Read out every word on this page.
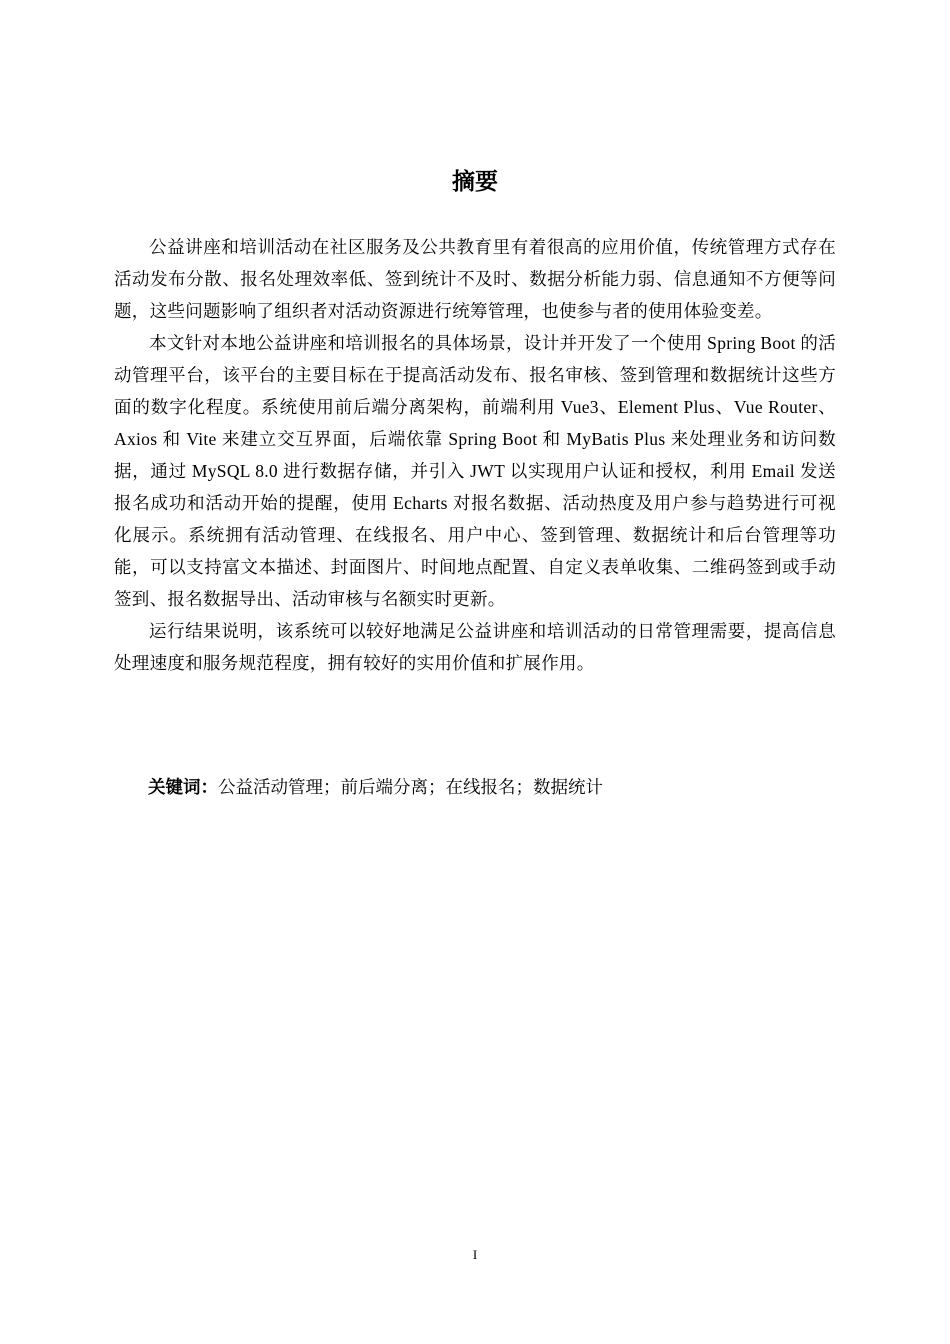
摘要

公益讲座和培训活动在社区服务及公共教育里有着很高的应用价值，传统管理方式存在活动发布分散、报名处理效率低、签到统计不及时、数据分析能力弱、信息通知不方便等问题，这些问题影响了组织者对活动资源进行统筹管理，也使参与者的使用体验变差。

本文针对本地公益讲座和培训报名的具体场景，设计并开发了一个使用 Spring Boot 的活动管理平台，该平台的主要目标在于提高活动发布、报名审核、签到管理和数据统计这些方面的数字化程度。系统使用前后端分离架构，前端利用 Vue3、Element Plus、Vue Router、Axios 和 Vite 来建立交互界面，后端依靠 Spring Boot 和 MyBatis Plus 来处理业务和访问数据，通过 MySQL 8.0 进行数据存储，并引入 JWT 以实现用户认证和授权，利用 Email 发送报名成功和活动开始的提醒，使用 Echarts 对报名数据、活动热度及用户参与趋势进行可视化展示。系统拥有活动管理、在线报名、用户中心、签到管理、数据统计和后台管理等功能，可以支持富文本描述、封面图片、时间地点配置、自定义表单收集、二维码签到或手动签到、报名数据导出、活动审核与名额实时更新。

运行结果说明，该系统可以较好地满足公益讲座和培训活动的日常管理需要，提高信息处理速度和服务规范程度，拥有较好的实用价值和扩展作用。

关键词：公益活动管理；前后端分离；在线报名；数据统计
I
